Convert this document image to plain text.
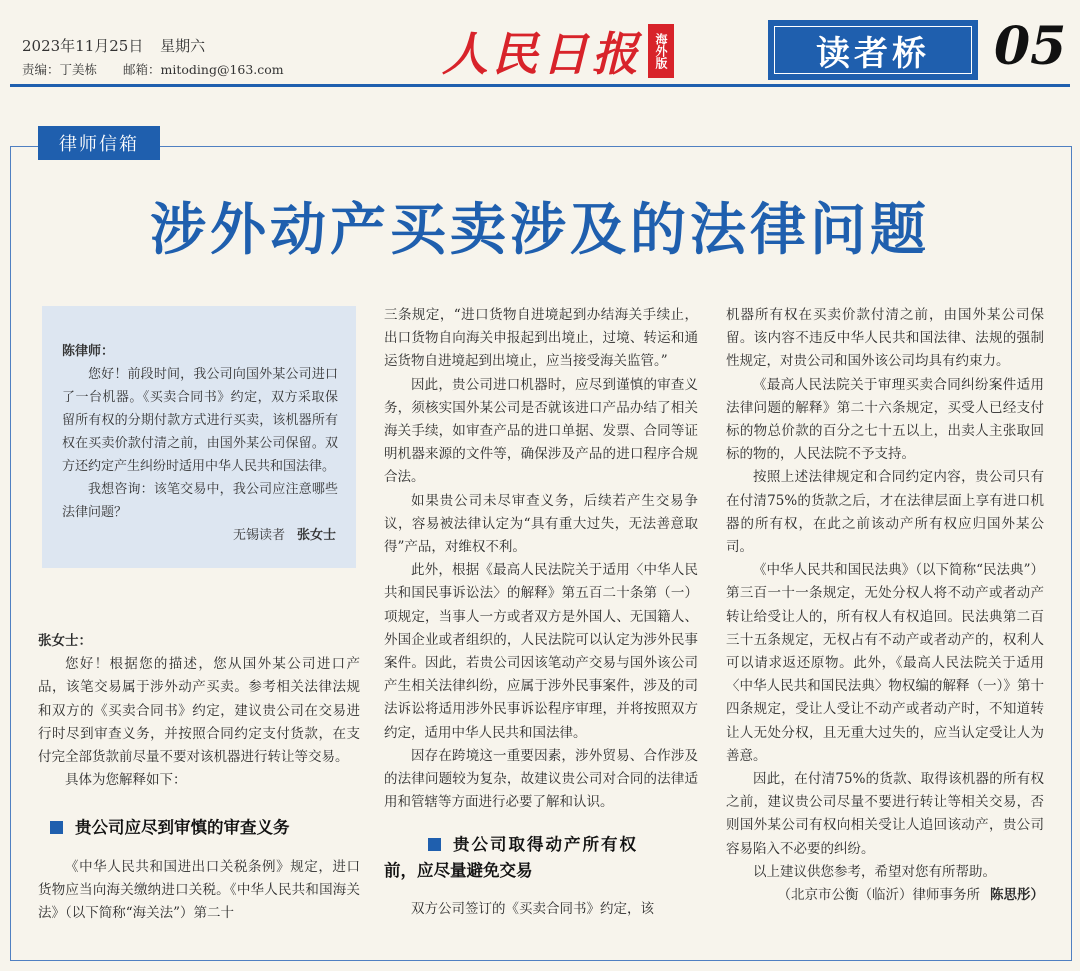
2023年11月25日 星期六
责编：丁美栋 邮箱：mitoding@163.com	人民日报 海外版	读者桥 05
律师信箱
涉外动产买卖涉及的法律问题

陈律师：

您好！前段时间，我公司向国外某公司进口了一台机器。《买卖合同书》约定，双方采取保留所有权的分期付款方式进行买卖，该机器所有权在买卖价款付清之前，由国外某公司保留。双方还约定产生纠纷时适用中华人民共和国法律。

我想咨询：该笔交易中，我公司应注意哪些法律问题？

无锡读者 张女士

张女士：

您好！根据您的描述，您从国外某公司进口产品，该笔交易属于涉外动产买卖。参考相关法律法规和双方的《买卖合同书》约定，建议贵公司在交易进行时尽到审查义务，并按照合同约定支付货款，在支付完全部货款前尽量不要对该机器进行转让等交易。

具体为您解释如下：

贵公司应尽到审慎的审查义务

《中华人民共和国进出口关税条例》规定，进口货物应当向海关缴纳进口关税。《中华人民共和国海关法》（以下简称“海关法”）第二十

三条规定，“进口货物自进境起到办结海关手续止，出口货物自向海关申报起到出境止，过境、转运和通运货物自进境起到出境止，应当接受海关监管。”

因此，贵公司进口机器时，应尽到谨慎的审查义务，须核实国外某公司是否就该进口产品办结了相关海关手续，如审查产品的进口单据、发票、合同等证明机器来源的文件等，确保涉及产品的进口程序合规合法。

如果贵公司未尽审查义务，后续若产生交易争议，容易被法律认定为“具有重大过失，无法善意取得”产品，对维权不利。

此外，根据《最高人民法院关于适用〈中华人民共和国民事诉讼法〉的解释》第五百二十条第（一）项规定，当事人一方或者双方是外国人、无国籍人、外国企业或者组织的，人民法院可以认定为涉外民事案件。因此，若贵公司因该笔动产交易与国外该公司产生相关法律纠纷，应属于涉外民事案件，涉及的司法诉讼将适用涉外民事诉讼程序审理，并将按照双方约定，适用中华人民共和国法律。

因存在跨境这一重要因素，涉外贸易、合作涉及的法律问题较为复杂，故建议贵公司对合同的法律适用和管辖等方面进行必要了解和认识。

贵公司取得动产所有权
前，应尽量避免交易

双方公司签订的《买卖合同书》约定，该

机器所有权在买卖价款付清之前，由国外某公司保留。该内容不违反中华人民共和国法律、法规的强制性规定，对贵公司和国外该公司均具有约束力。

《最高人民法院关于审理买卖合同纠纷案件适用法律问题的解释》第二十六条规定，买受人已经支付标的物总价款的百分之七十五以上，出卖人主张取回标的物的，人民法院不予支持。

按照上述法律规定和合同约定内容，贵公司只有在付清75%的货款之后，才在法律层面上享有进口机器的所有权，在此之前该动产所有权应归国外某公司。

《中华人民共和国民法典》（以下简称“民法典”）第三百一十一条规定，无处分权人将不动产或者动产转让给受让人的，所有权人有权追回。民法典第二百三十五条规定，无权占有不动产或者动产的，权利人可以请求返还原物。此外，《最高人民法院关于适用〈中华人民共和国民法典〉物权编的解释（一）》第十四条规定，受让人受让不动产或者动产时，不知道转让人无处分权，且无重大过失的，应当认定受让人为善意。

因此，在付清75%的货款、取得该机器的所有权之前，建议贵公司尽量不要进行转让等相关交易，否则国外某公司有权向相关受让人追回该动产，贵公司容易陷入不必要的纠纷。

以上建议供您参考，希望对您有所帮助。

（北京市公衡（临沂）律师事务所 陈思彤）
